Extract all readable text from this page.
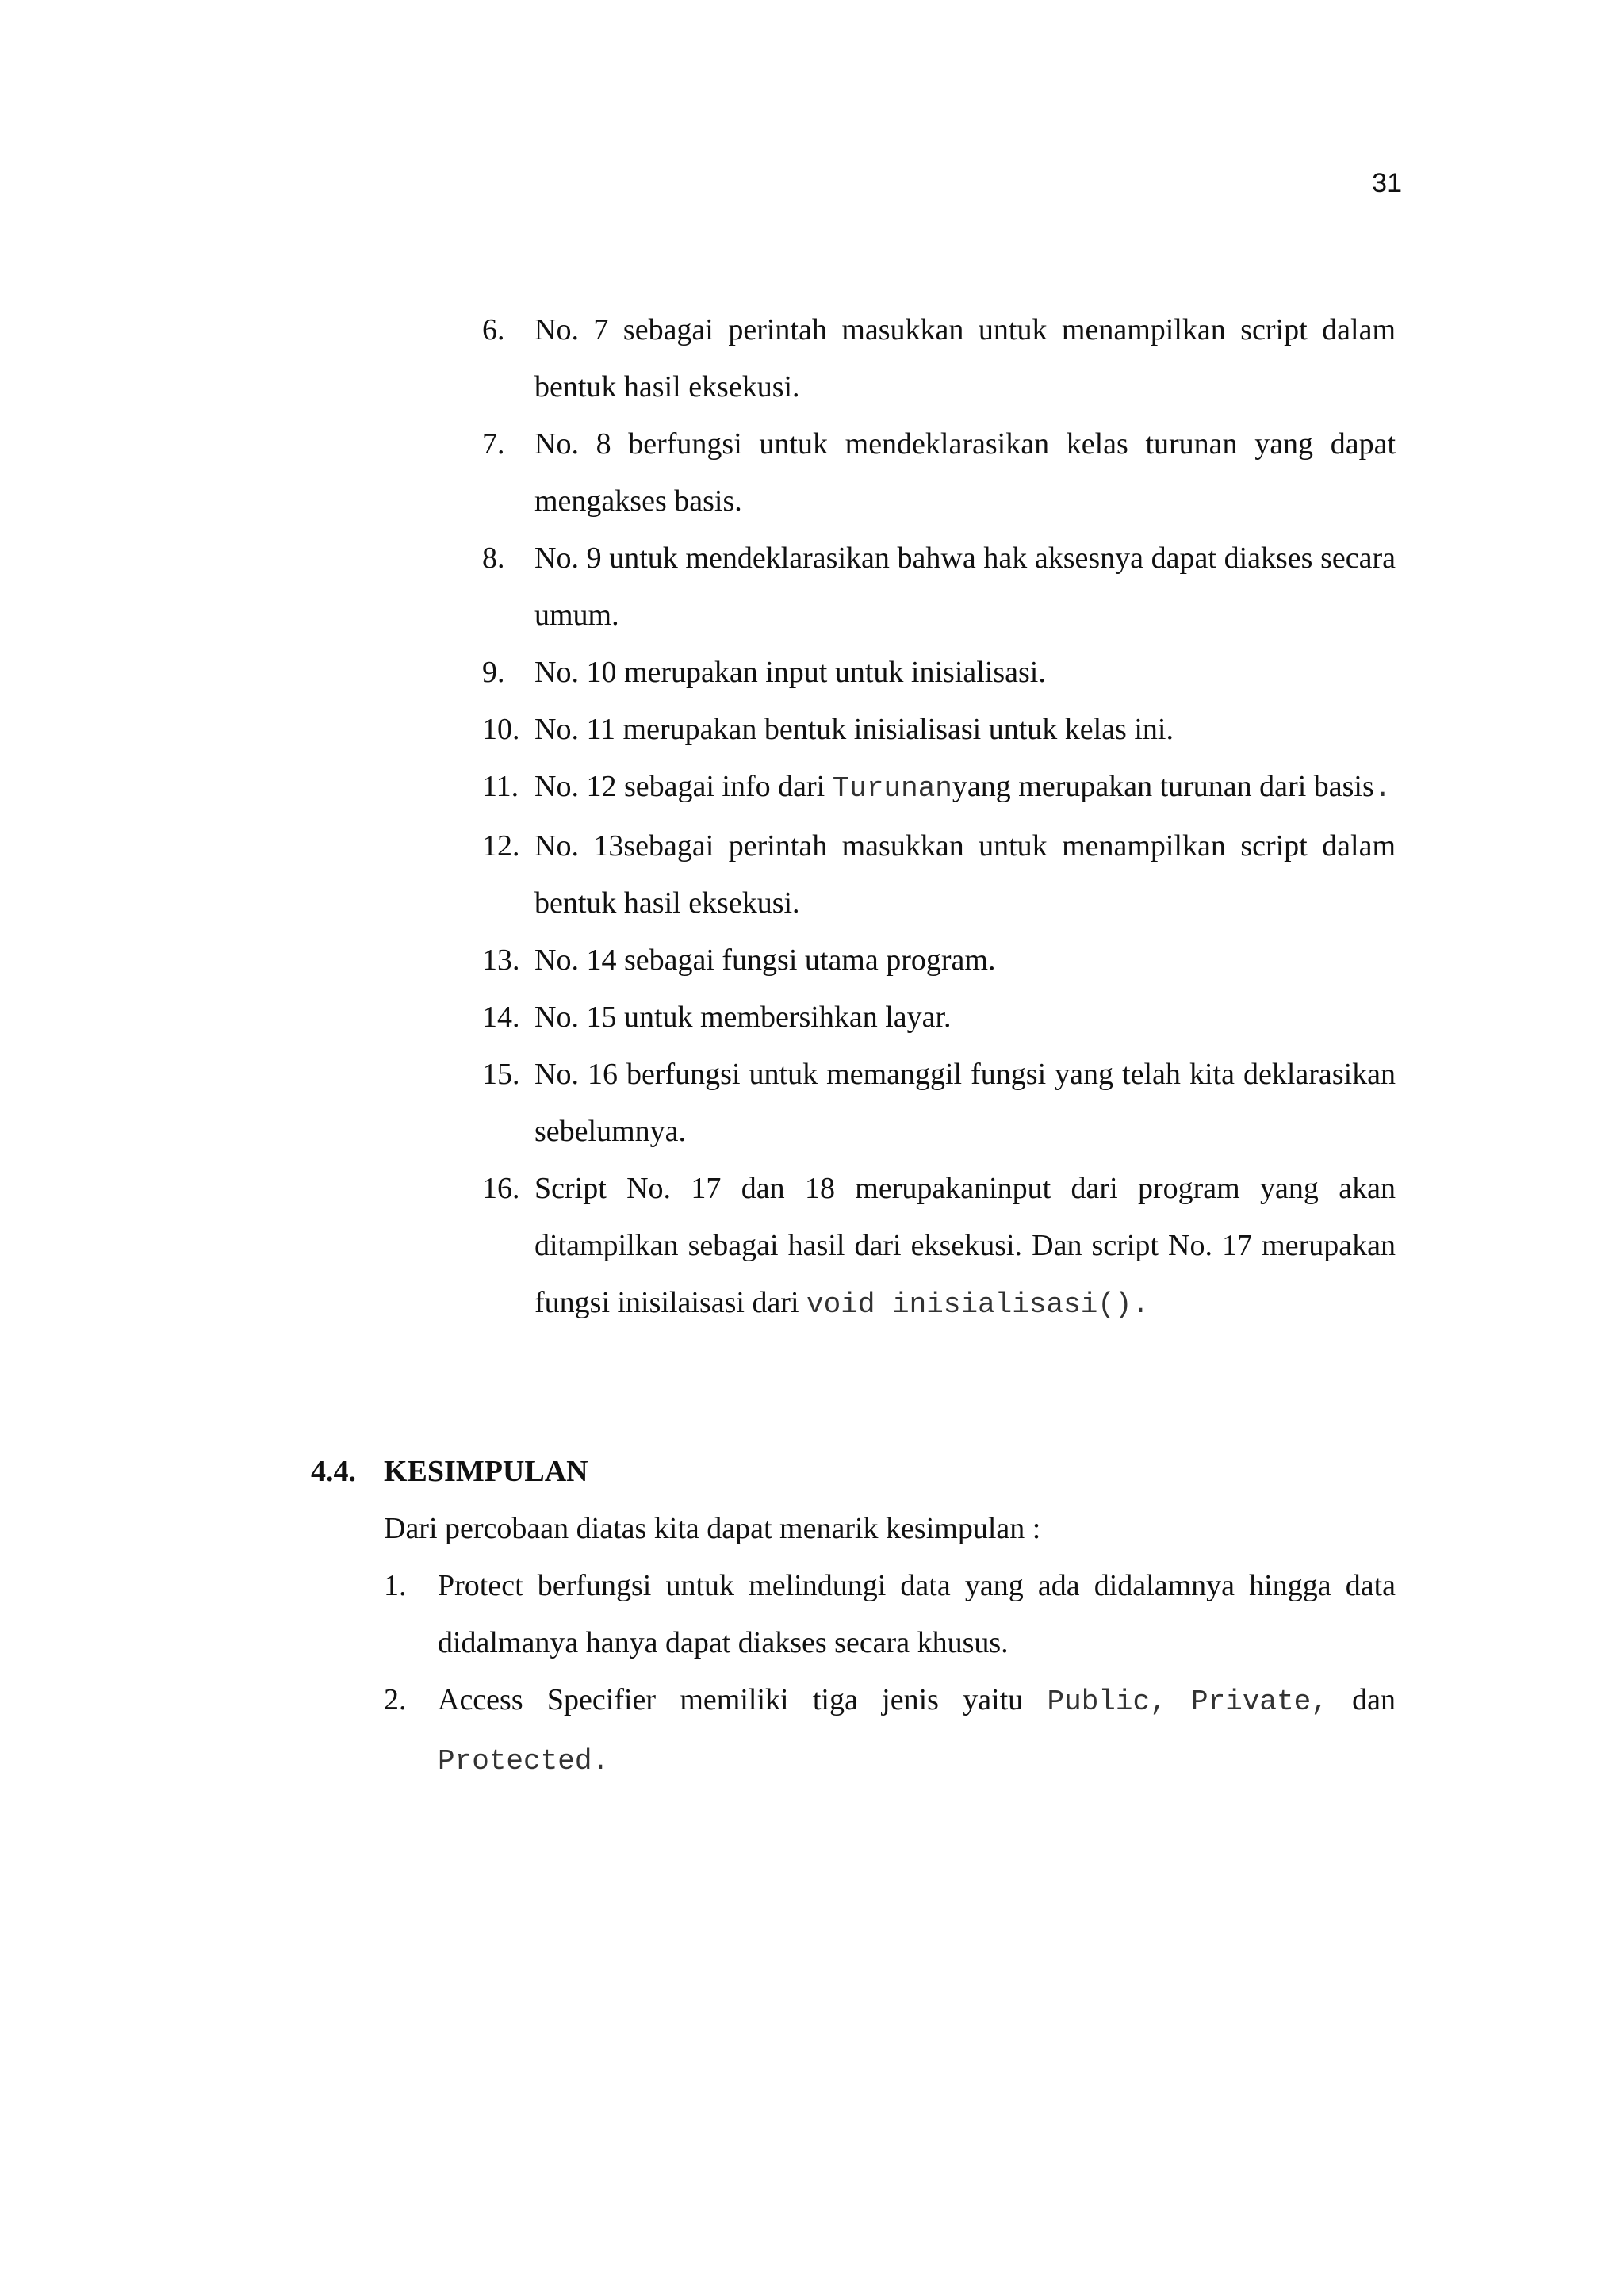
31
6. No. 7 sebagai perintah masukkan untuk menampilkan script dalam bentuk hasil eksekusi.
7. No. 8 berfungsi untuk mendeklarasikan kelas turunan yang dapat mengakses basis.
8. No. 9 untuk mendeklarasikan bahwa hak aksesnya dapat diakses secara umum.
9. No. 10 merupakan input untuk inisialisasi.
10. No. 11 merupakan bentuk inisialisasi untuk kelas ini.
11. No. 12 sebagai info dari Turunanyang merupakan turunan dari basis.
12. No. 13sebagai perintah masukkan untuk menampilkan script dalam bentuk hasil eksekusi.
13. No. 14 sebagai fungsi utama program.
14. No. 15 untuk membersihkan layar.
15. No. 16 berfungsi untuk memanggil fungsi yang telah kita deklarasikan sebelumnya.
16. Script No. 17 dan 18 merupakaninput dari program yang akan ditampilkan sebagai hasil dari eksekusi. Dan script No. 17 merupakan fungsi inisilaisasi dari void inisialisasi().
4.4. KESIMPULAN
Dari percobaan diatas kita dapat menarik kesimpulan :
1. Protect berfungsi untuk melindungi data yang ada didalamnya hingga data didalmanya hanya dapat diakses secara khusus.
2. Access Specifier memiliki tiga jenis yaitu Public, Private, dan Protected.
